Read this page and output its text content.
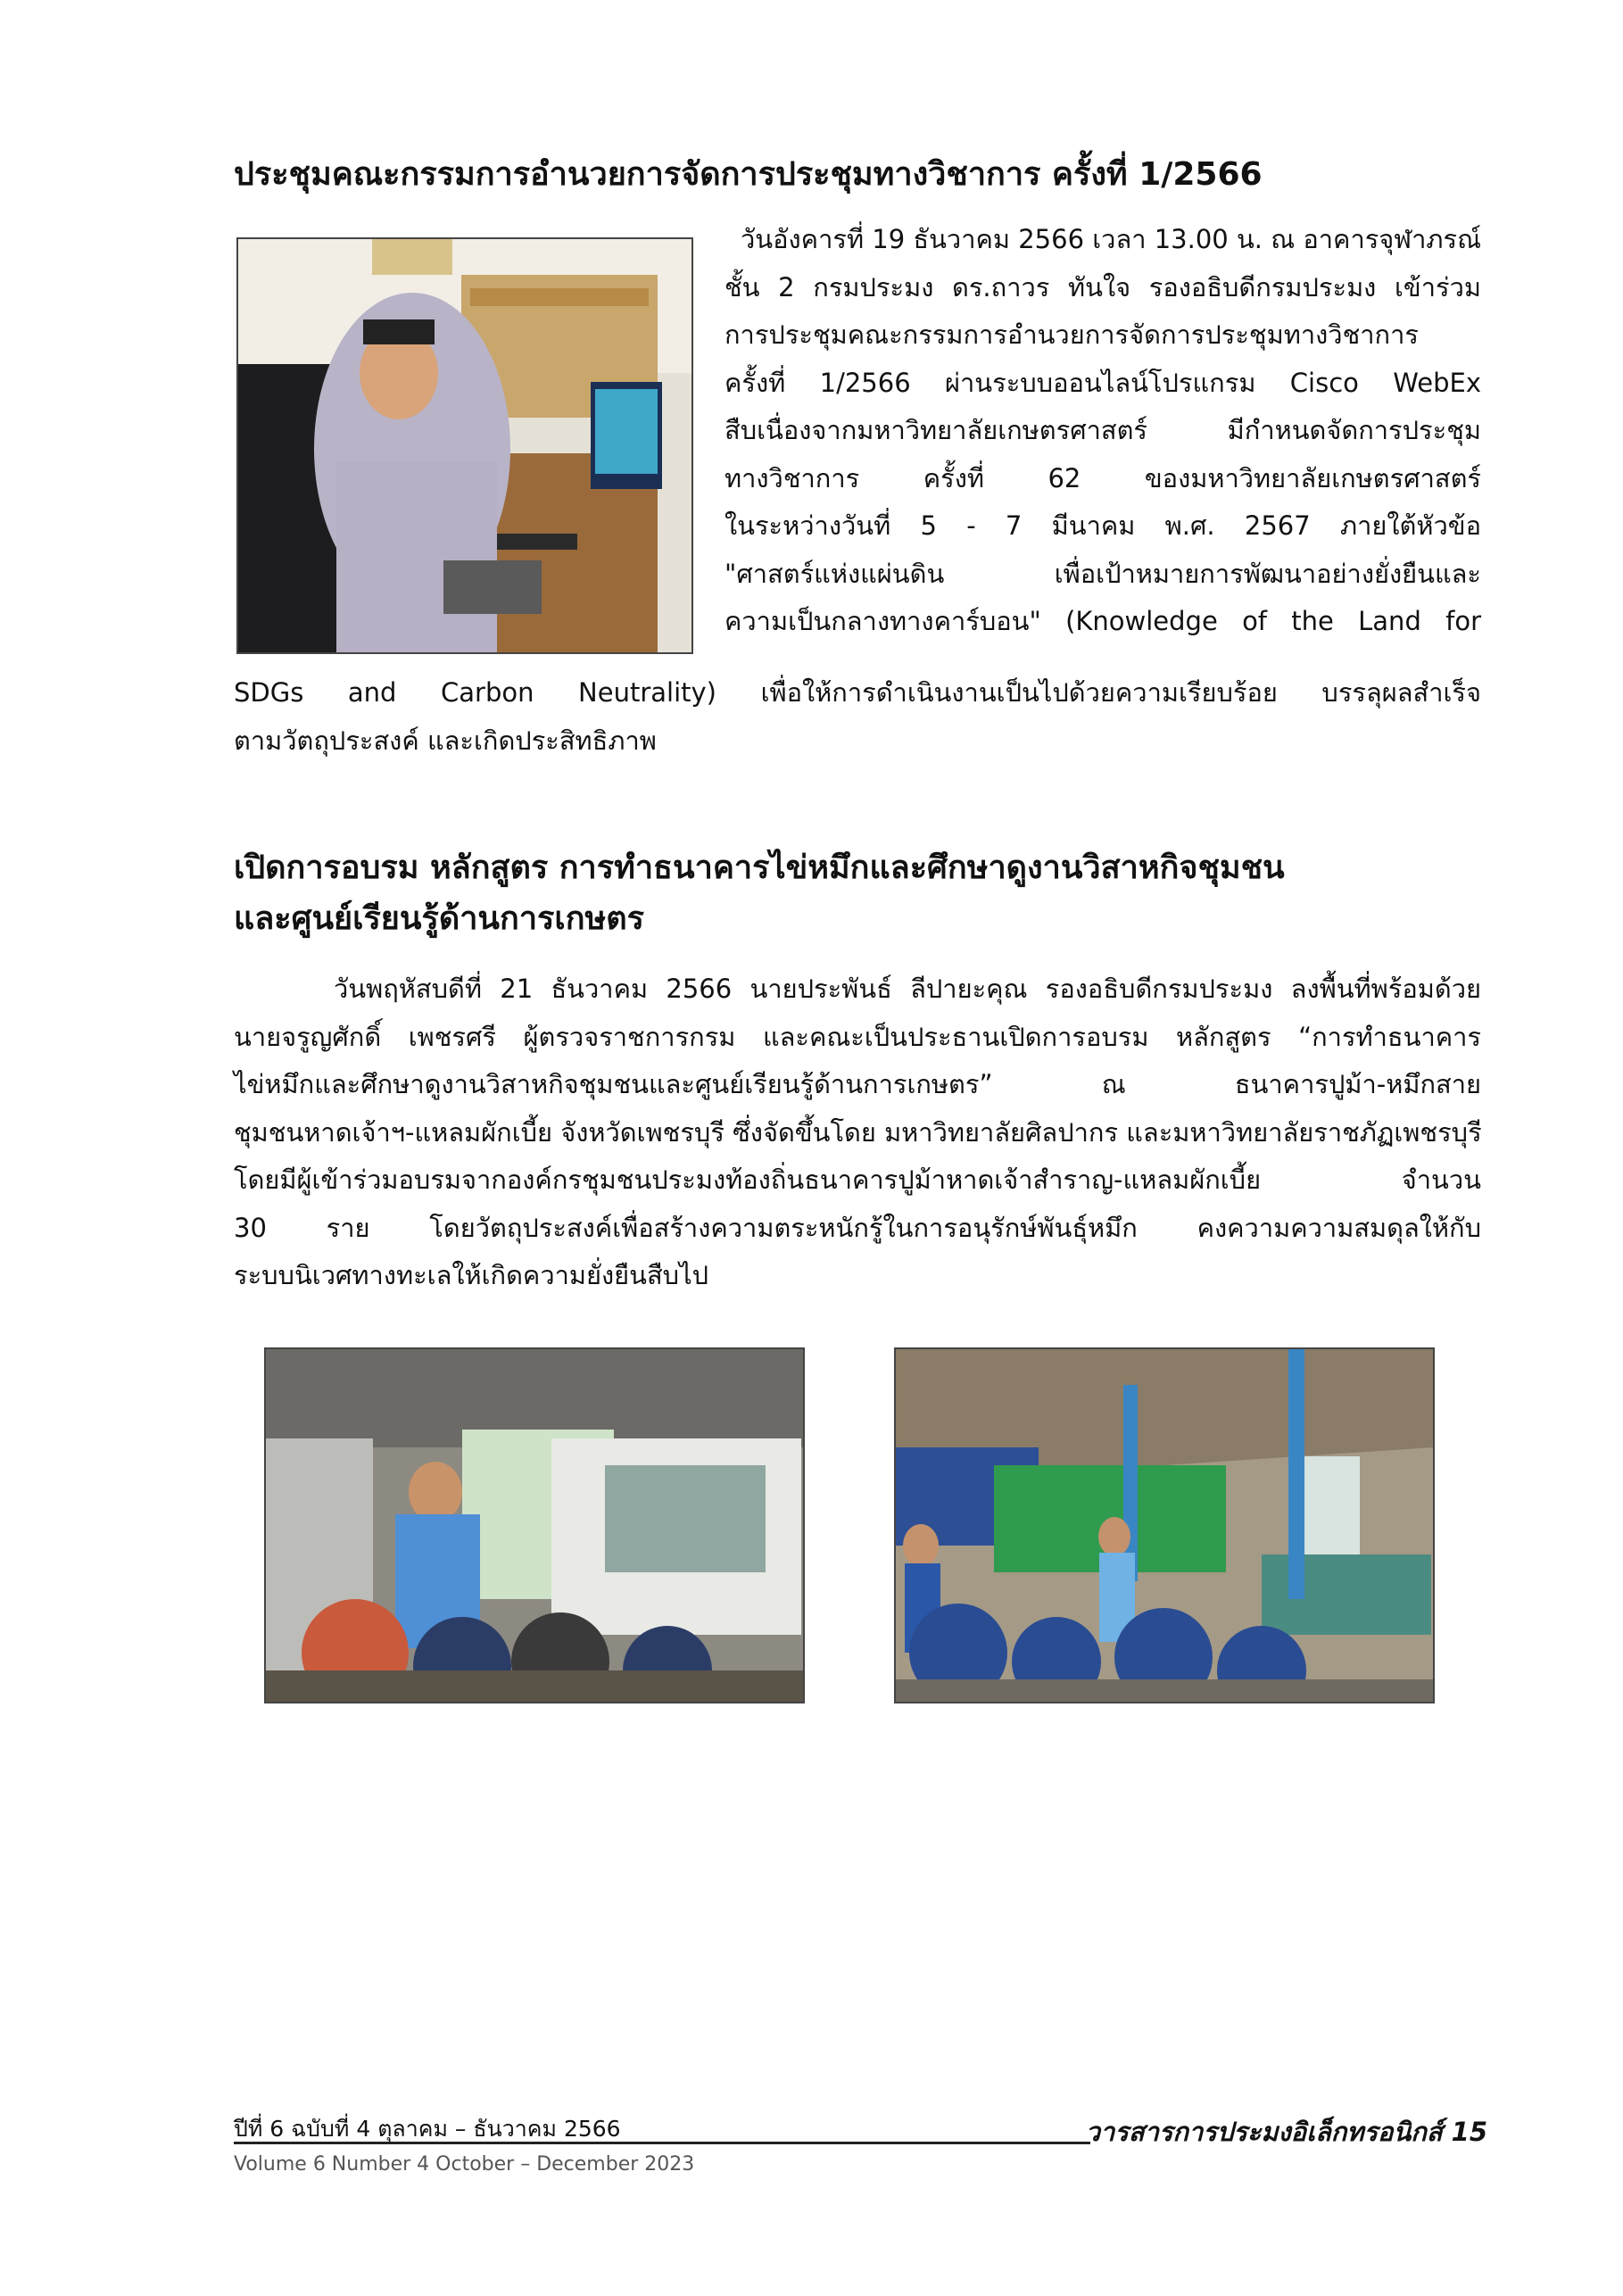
ประชุมคณะกรรมการอำนวยการจัดการประชุมทางวิชาการ ครั้งที่ 1/2566
วันอังคารที่ 19 ธันวาคม 2566 เวลา 13.00 น. ณ อาคารจุฬาภรณ์
ชั้น 2 กรมประมง ดร.ถาวร ทันใจ รองอธิบดีกรมประมง เข้าร่วม
การประชุมคณะกรรมการอำนวยการจัดการประชุมทางวิชาการ
ครั้งที่ 1/2566 ผ่านระบบออนไลน์โปรแกรม Cisco WebEx
สืบเนื่องจากมหาวิทยาลัยเกษตรศาสตร์ มีกำหนดจัดการประชุม
ทางวิชาการ ครั้งที่ 62 ของมหาวิทยาลัยเกษตรศาสตร์
ในระหว่างวันที่ 5 - 7 มีนาคม พ.ศ. 2567 ภายใต้หัวข้อ
"ศาสตร์แห่งแผ่นดิน เพื่อเป้าหมายการพัฒนาอย่างยั่งยืนและ
ความเป็นกลางทางคาร์บอน" (Knowledge of the Land for
SDGs and Carbon Neutrality) เพื่อให้การดำเนินงานเป็นไปด้วยความเรียบร้อย บรรลุผลสำเร็จ
ตามวัตถุประสงค์ และเกิดประสิทธิภาพ
เปิดการอบรม หลักสูตร การทำธนาคารไข่หมึกและศึกษาดูงานวิสาหกิจชุมชน
และศูนย์เรียนรู้ด้านการเกษตร
วันพฤหัสบดีที่ 21 ธันวาคม 2566 นายประพันธ์ ลีปายะคุณ รองอธิบดีกรมประมง ลงพื้นที่พร้อมด้วย
นายจรูญศักดิ์ เพชรศรี ผู้ตรวจราชการกรม และคณะเป็นประธานเปิดการอบรม หลักสูตร “การทำธนาคาร
ไข่หมึกและศึกษาดูงานวิสาหกิจชุมชนและศูนย์เรียนรู้ด้านการเกษตร” ณ ธนาคารปูม้า-หมึกสาย
ชุมชนหาดเจ้าฯ-แหลมผักเบี้ย จังหวัดเพชรบุรี ซึ่งจัดขึ้นโดย มหาวิทยาลัยศิลปากร และมหาวิทยาลัยราชภัฏเพชรบุรี
โดยมีผู้เข้าร่วมอบรมจากองค์กรชุมชนประมงท้องถิ่นธนาคารปูม้าหาดเจ้าสำราญ-แหลมผักเบี้ย จำนวน
30 ราย โดยวัตถุประสงค์เพื่อสร้างความตระหนักรู้ในการอนุรักษ์พันธุ์หมึก คงความความสมดุลให้กับ
ระบบนิเวศทางทะเลให้เกิดความยั่งยืนสืบไป
ปีที่ 6 ฉบับที่ 4 ตุลาคม – ธันวาคม 2566
Volume 6 Number 4 October – December 2023
วารสารการประมงอิเล็กทรอนิกส์ 15
